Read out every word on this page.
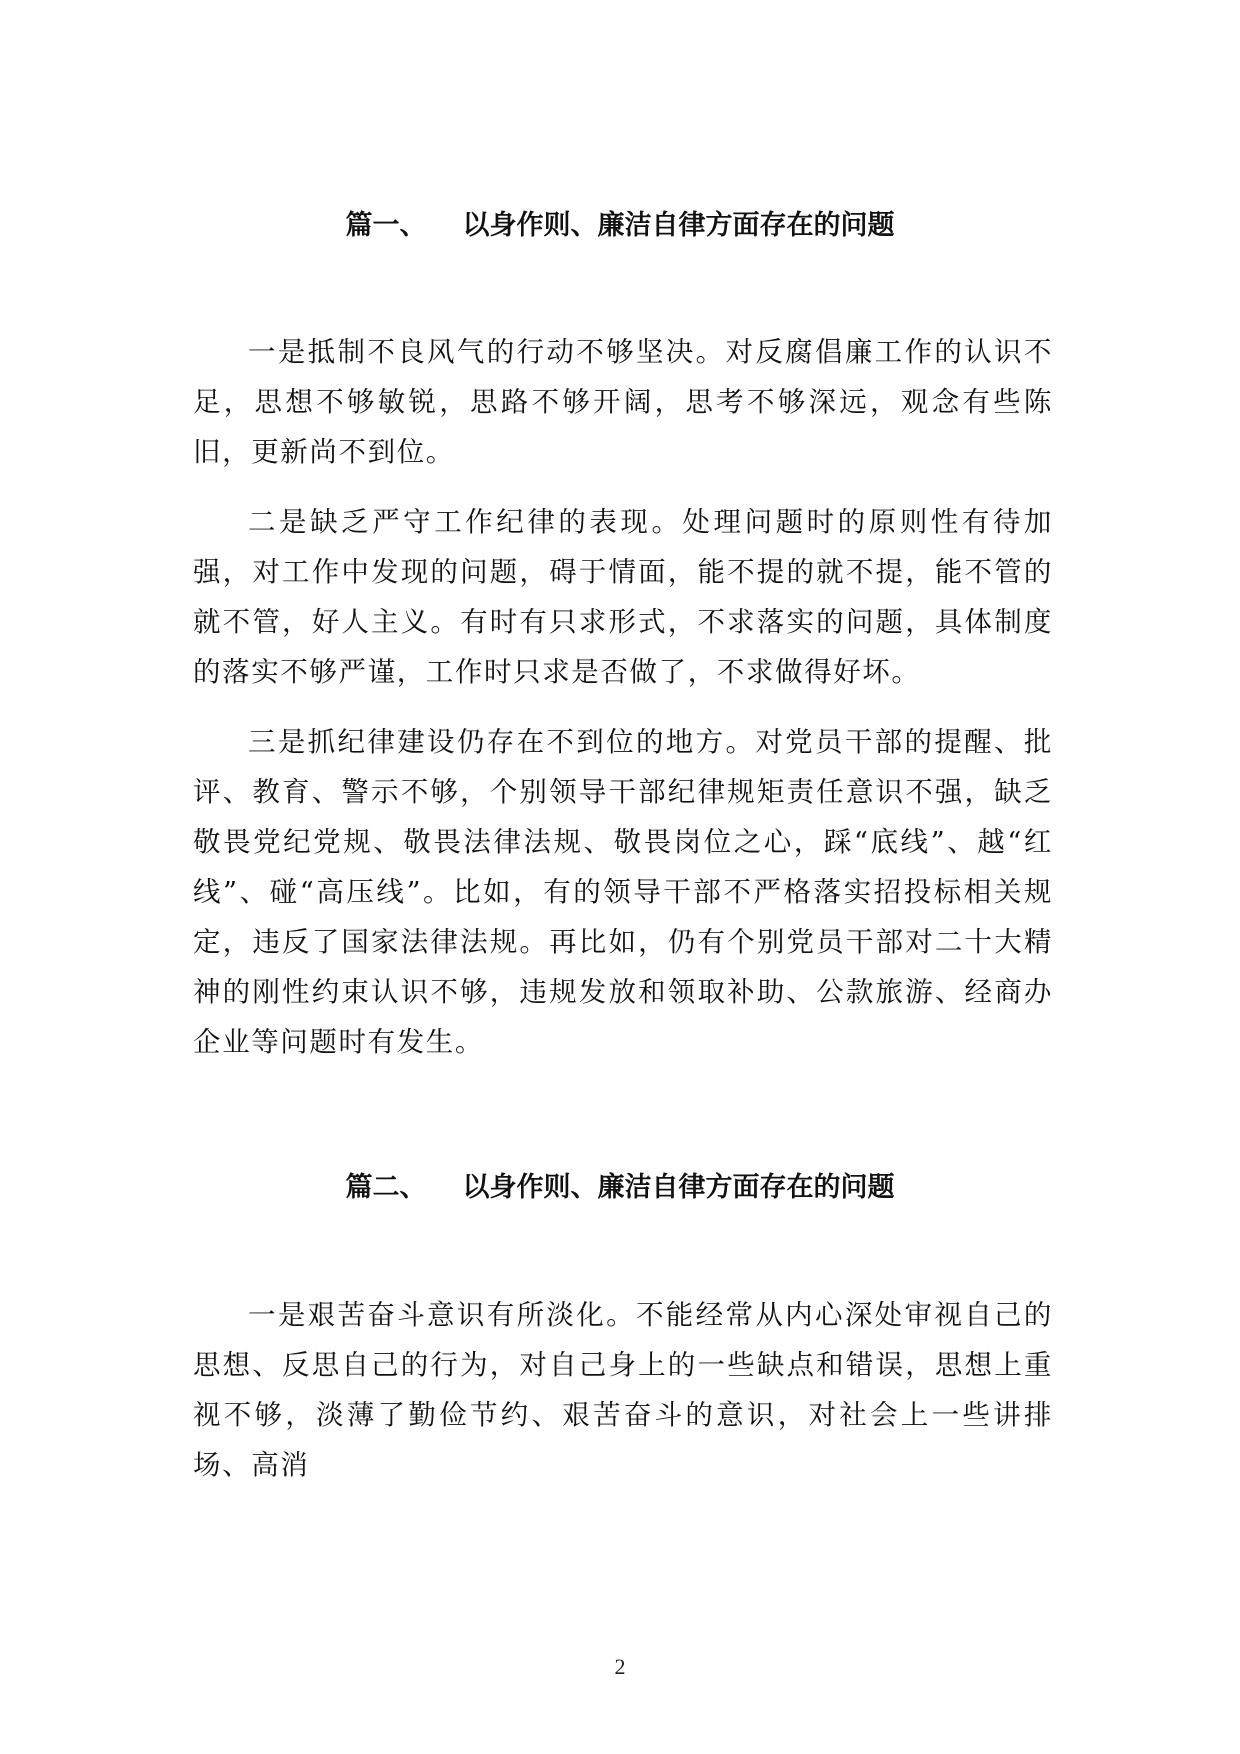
篇一、 以身作则、廉洁自律方面存在的问题

一是抵制不良风气的行动不够坚决。对反腐倡廉工作的认识不足，思想不够敏锐，思路不够开阔，思考不够深远，观念有些陈旧，更新尚不到位。

二是缺乏严守工作纪律的表现。处理问题时的原则性有待加强，对工作中发现的问题，碍于情面，能不提的就不提，能不管的就不管，好人主义。有时有只求形式，不求落实的问题，具体制度的落实不够严谨，工作时只求是否做了，不求做得好坏。

三是抓纪律建设仍存在不到位的地方。对党员干部的提醒、批评、教育、警示不够，个别领导干部纪律规矩责任意识不强，缺乏敬畏党纪党规、敬畏法律法规、敬畏岗位之心，踩“底线”、越“红线”、碰“高压线”。比如，有的领导干部不严格落实招投标相关规定，违反了国家法律法规。再比如，仍有个别党员干部对二十大精神的刚性约束认识不够，违规发放和领取补助、公款旅游、经商办企业等问题时有发生。

篇二、 以身作则、廉洁自律方面存在的问题

一是艰苦奋斗意识有所淡化。不能经常从内心深处审视自己的思想、反思自己的行为，对自己身上的一些缺点和错误，思想上重视不够，淡薄了勤俭节约、艰苦奋斗的意识，对社会上一些讲排场、高消

2
